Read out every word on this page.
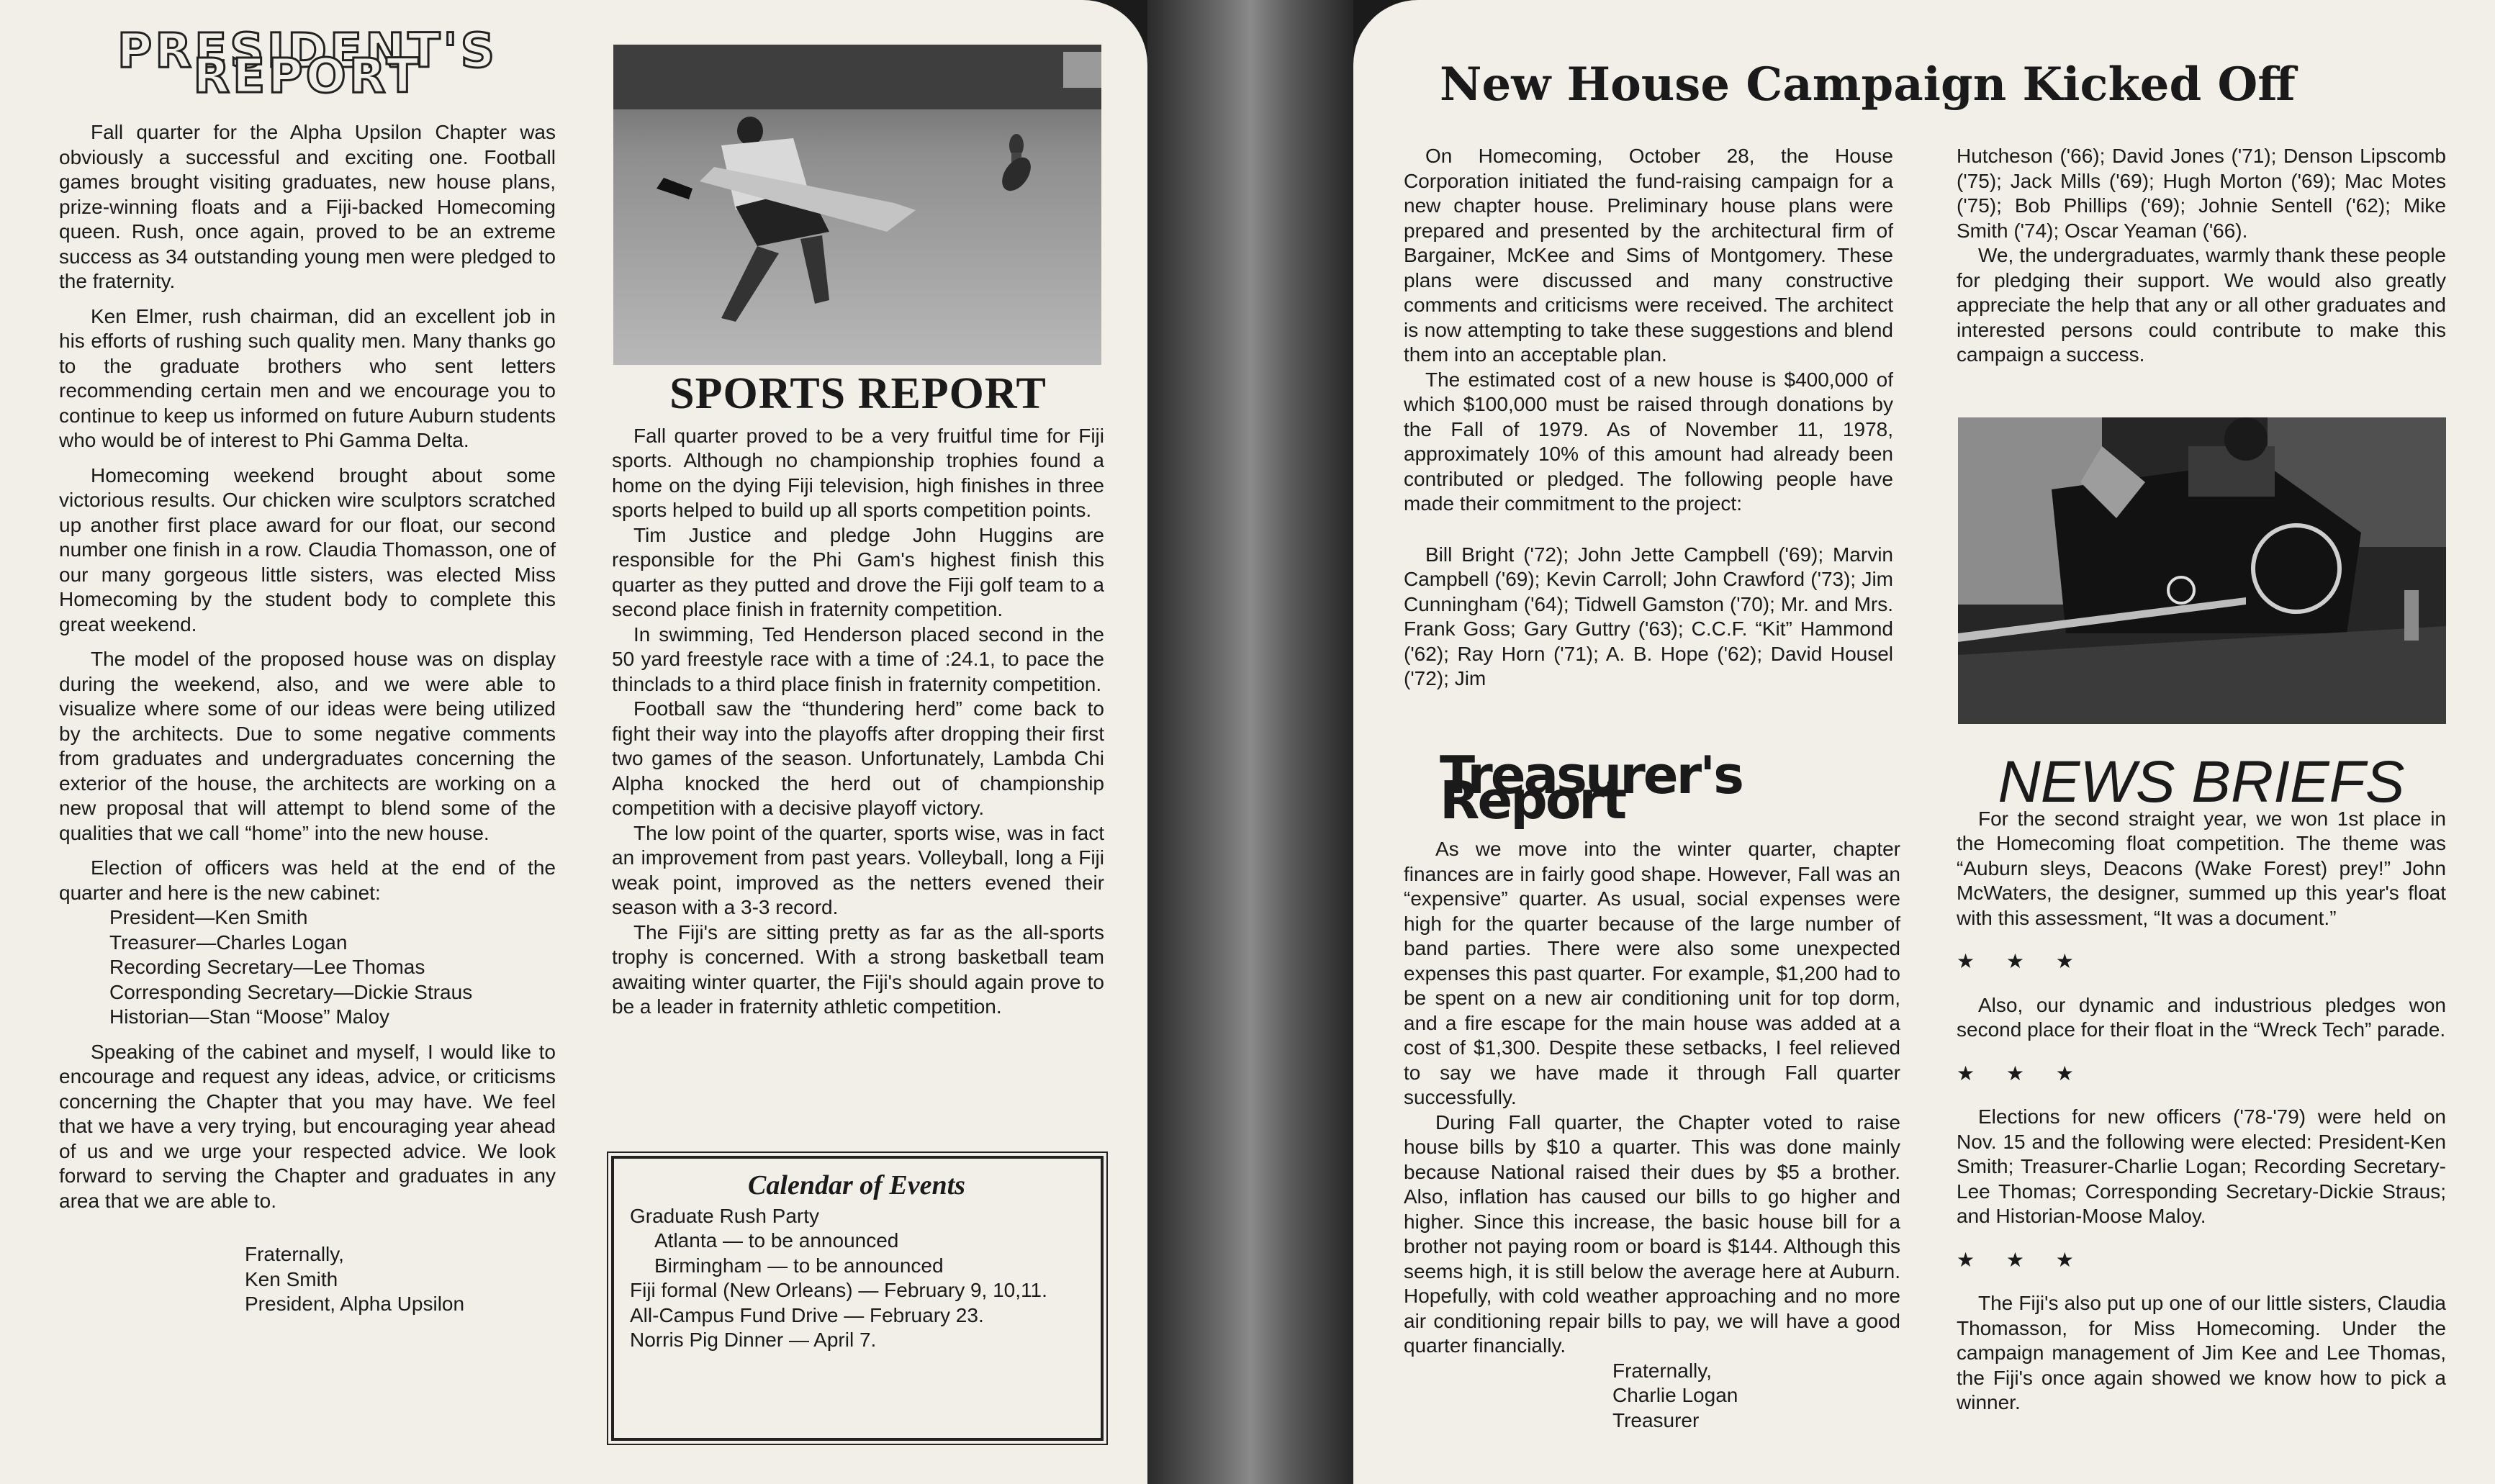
PRESIDENT'S REPORT

Fall quarter for the Alpha Upsilon Chapter was obviously a successful and exciting one. Football games brought visiting graduates, new house plans, prize-winning floats and a Fiji-backed Homecoming queen. Rush, once again, proved to be an extreme success as 34 outstanding young men were pledged to the fraternity.

Ken Elmer, rush chairman, did an excellent job in his efforts of rushing such quality men. Many thanks go to the graduate brothers who sent letters recommending certain men and we encourage you to continue to keep us informed on future Auburn students who would be of interest to Phi Gamma Delta.

Homecoming weekend brought about some victorious results. Our chicken wire sculptors scratched up another first place award for our float, our second number one finish in a row. Claudia Thomasson, one of our many gorgeous little sisters, was elected Miss Homecoming by the student body to complete this great weekend.

The model of the proposed house was on display during the weekend, also, and we were able to visualize where some of our ideas were being utilized by the architects. Due to some negative comments from graduates and undergraduates concerning the exterior of the house, the architects are working on a new proposal that will attempt to blend some of the qualities that we call “home” into the new house.

Election of officers was held at the end of the quarter and here is the new cabinet:

President—Ken Smith
Treasurer—Charles Logan
Recording Secretary—Lee Thomas
Corresponding Secretary—Dickie Straus
Historian—Stan “Moose” Maloy

Speaking of the cabinet and myself, I would like to encourage and request any ideas, advice, or criticisms concerning the Chapter that you may have. We feel that we have a very trying, but encouraging year ahead of us and we urge your respected advice. We look forward to serving the Chapter and graduates in any area that we are able to.

Fraternally,

Ken Smith

President, Alpha Upsilon

SPORTS REPORT

Fall quarter proved to be a very fruitful time for Fiji sports. Although no championship trophies found a home on the dying Fiji television, high finishes in three sports helped to build up all sports competition points.

Tim Justice and pledge John Huggins are responsible for the Phi Gam's highest finish this quarter as they putted and drove the Fiji golf team to a second place finish in fraternity competition.

In swimming, Ted Henderson placed second in the 50 yard freestyle race with a time of :24.1, to pace the thinclads to a third place finish in fraternity competition.

Football saw the “thundering herd” come back to fight their way into the playoffs after dropping their first two games of the season. Unfortunately, Lambda Chi Alpha knocked the herd out of championship competition with a decisive playoff victory.

The low point of the quarter, sports wise, was in fact an improvement from past years. Volleyball, long a Fiji weak point, improved as the netters evened their season with a 3-3 record.

The Fiji's are sitting pretty as far as the all-sports trophy is concerned. With a strong basketball team awaiting winter quarter, the Fiji's should again prove to be a leader in fraternity athletic competition.

Calendar of Events
Graduate Rush Party
Atlanta — to be announced
Birmingham — to be announced
Fiji formal (New Orleans) — February 9, 10,11.
All-Campus Fund Drive — February 23.
Norris Pig Dinner — April 7.
New House Campaign Kicked Off

On Homecoming, October 28, the House Corporation initiated the fund-raising campaign for a new chapter house. Preliminary house plans were prepared and presented by the architectural firm of Bargainer, McKee and Sims of Montgomery. These plans were discussed and many constructive comments and criticisms were received. The architect is now attempting to take these suggestions and blend them into an acceptable plan.

The estimated cost of a new house is $400,000 of which $100,000 must be raised through donations by the Fall of 1979. As of November 11, 1978, approximately 10% of this amount had already been contributed or pledged. The following people have made their commitment to the project:

Bill Bright ('72); John Jette Campbell ('69); Marvin Campbell ('69); Kevin Carroll; John Crawford ('73); Jim Cunningham ('64); Tidwell Gamston ('70); Mr. and Mrs. Frank Goss; Gary Guttry ('63); C.C.F. “Kit” Hammond ('62); Ray Horn ('71); A. B. Hope ('62); David Housel ('72); Jim

Hutcheson ('66); David Jones ('71); Denson Lipscomb ('75); Jack Mills ('69); Hugh Morton ('69); Mac Motes ('75); Bob Phillips ('69); Johnie Sentell ('62); Mike Smith ('74); Oscar Yeaman ('66).

We, the undergraduates, warmly thank these people for pledging their support. We would also greatly appreciate the help that any or all other graduates and interested persons could contribute to make this campaign a success.

Treasurer's Report

As we move into the winter quarter, chapter finances are in fairly good shape. However, Fall was an “expensive” quarter. As usual, social expenses were high for the quarter because of the large number of band parties. There were also some unexpected expenses this past quarter. For example, $1,200 had to be spent on a new air conditioning unit for top dorm, and a fire escape for the main house was added at a cost of $1,300. Despite these setbacks, I feel relieved to say we have made it through Fall quarter successfully.

During Fall quarter, the Chapter voted to raise house bills by $10 a quarter. This was done mainly because National raised their dues by $5 a brother. Also, inflation has caused our bills to go higher and higher. Since this increase, the basic house bill for a brother not paying room or board is $144. Although this seems high, it is still below the average here at Auburn. Hopefully, with cold weather approaching and no more air conditioning repair bills to pay, we will have a good quarter financially.

Fraternally,

Charlie Logan

Treasurer

NEWS BRIEFS

For the second straight year, we won 1st place in the Homecoming float competition. The theme was “Auburn sleys, Deacons (Wake Forest) prey!” John McWaters, the designer, summed up this year's float with this assessment, “It was a document.”

★ ★ ★

Also, our dynamic and industrious pledges won second place for their float in the “Wreck Tech” parade.

★ ★ ★

Elections for new officers ('78-'79) were held on Nov. 15 and the following were elected: President-Ken Smith; Treasurer-Charlie Logan; Recording Secretary-Lee Thomas; Corresponding Secretary-Dickie Straus; and Historian-Moose Maloy.

★ ★ ★

The Fiji's also put up one of our little sisters, Claudia Thomasson, for Miss Homecoming. Under the campaign management of Jim Kee and Lee Thomas, the Fiji's once again showed we know how to pick a winner.
